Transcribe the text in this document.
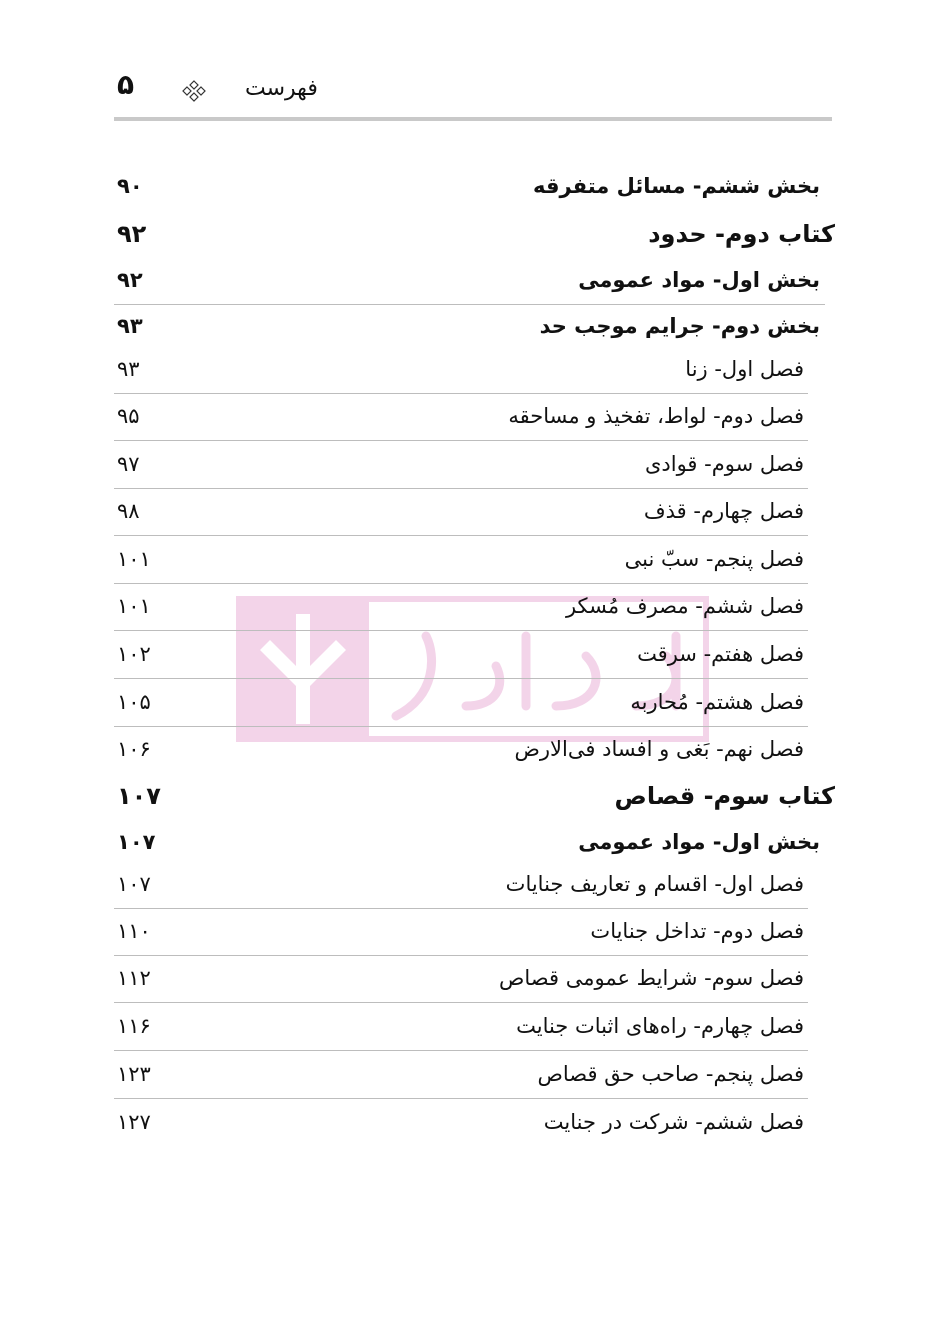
۵	فهرست
بخش ششم- مسائل متفرقه
۹۰
کتاب دوم- حدود
۹۲
بخش اول- مواد عمومی
۹۲
بخش دوم- جرایم موجب حد
۹۳
فصل اول- زنا
۹۳
فصل دوم- لواط، تفخیذ و مساحقه
۹۵
فصل سوم- قوادی
۹۷
فصل چهارم- قذف
۹۸
فصل پنجم- سبّ نبی
۱۰۱
فصل ششم- مصرف مُسکر
۱۰۱
فصل هفتم- سرقت
۱۰۲
فصل هشتم- مُحاربه
۱۰۵
فصل نهم- بَغی و افساد فی‌الارض
۱۰۶
کتاب سوم- قصاص
۱۰۷
بخش اول- مواد عمومی
۱۰۷
فصل اول- اقسام و تعاریف جنایات
۱۰۷
فصل دوم- تداخل جنایات
۱۱۰
فصل سوم- شرایط عمومی قصاص
۱۱۲
فصل چهارم- راه‌های اثبات جنایت
۱۱۶
فصل پنجم- صاحب حق قصاص
۱۲۳
فصل ششم- شرکت در جنایت
۱۲۷
